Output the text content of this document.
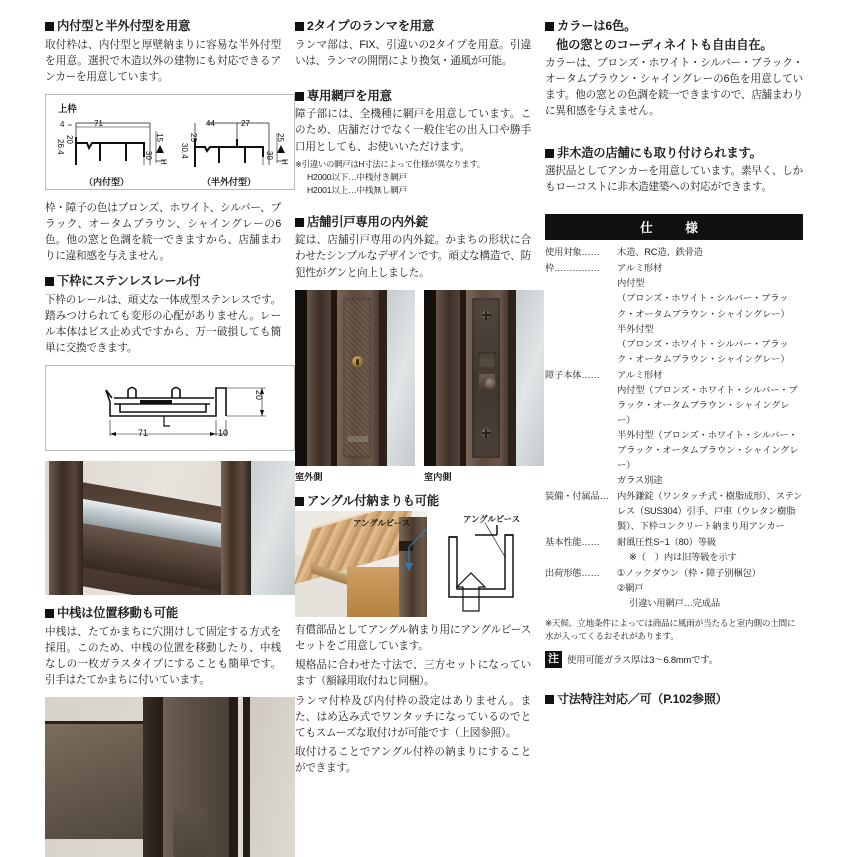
内付型と半外付型を用意

取付枠は、内付型と厚壁納まりに容易な半外付型を用意。選択で木造以外の建物にも対応できるアンカーを用意しています。

上枠
4	71
26.4 20	15
30
H
（内付型）
44	27
30.4
25	25
30
H
（半外付型）

枠・障子の色はブロンズ、ホワイト、シルバー、ブラック、オータムブラウン、シャイングレーの6色。他の窓と色調を統一できますから、店舗まわりに違和感を与えません。

下枠にステンレスレール付

下枠のレールは、頑丈な一体成型ステンレスです。踏みつけられても変形の心配がありません。レール本体はビス止め式ですから、万一破損しても簡単に交換できます。

71	10
20
中桟は位置移動も可能

中桟は、たてかまちに穴開けして固定する方式を採用。このため、中桟の位置を移動したり、中桟なしの一枚ガラスタイプにすることも簡単です。引手はたてかまちに付いています。

2タイプのランマを用意

ランマ部は、FIX、引違いの2タイプを用意。引違いは、ランマの開閉により換気・通風が可能。

専用網戸を用意

障子部には、全機種に網戸を用意しています。このため、店舗だけでなく一般住宅の出入口や勝手口用としても、お使いいただけます。

※引違いの網戸はH寸法によって仕様が異なります。

H2000以下…中桟付き網戸

H2001以上…中桟無し網戸

店舗引戸専用の内外錠

錠は、店舗引戸専用の内外錠。かまちの形状に合わせたシンプルなデザインです。頑丈な構造で、防犯性がグンと向上しました。

室外側	室内側
アングル付納まりも可能
アングルピース	アングルピース

有償部品としてアングル納まり用にアングルピースセットをご用意しています。

規格品に合わせた寸法で、三方セットになっています（額縁用取付ねじ同梱）。

ランマ付枠及び内付枠の設定はありません。また、はめ込み式でワンタッチになっているのでとてもスムーズな取付けが可能です（上図参照）。

取付けることでアングル付枠の納まりにすることができます。

カラーは6色。
他の窓とのコーディネイトも自由自在。

カラーは、ブロンズ・ホワイト・シルバー・ブラック・オータムブラウン・シャイングレーの6色を用意しています。他の窓との色調を統一できますので、店舗まわりに異和感を与えません。

非木造の店舗にも取り付けられます。

選択品としてアンカーを用意しています。素早く、しかもローコストに非木造建築への対応ができます。

仕　様
使用対象……	木造、RC造、鉄骨造
枠……………	アルミ形材
内付型
（ブロンズ・ホワイト・シルバー・ブラック・オータムブラウン・シャイングレー）
半外付型
（ブロンズ・ホワイト・シルバー・ブラック・オータムブラウン・シャイングレー）
障子本体……	アルミ形材
内付型（ブロンズ・ホワイト・シルバー・ブラック・オータムブラウン・シャイングレー）
半外付型（ブロンズ・ホワイト・シルバー・ブラック・オータムブラウン・シャイングレー）
ガラス別途
装備・付属品…	内外鎌錠（ワンタッチ式・樹脂成形）、ステンレス（SUS304）引手、戸車（ウレタン樹脂製）、下枠コンクリート納まり用アンカー
基本性能……	耐風圧性S−1（80）等級

※（　）内は旧等級を示す

出荷形態……	①ノックダウン（枠・障子別梱包）
②網戸

引違い用網戸…完成品
※天候、立地条件によっては商品に風雨が当たると室内側の土間に水が入ってくるおそれがあります。
注 使用可能ガラス厚は3〜6.8mmです。
寸法特注対応／可（P.102参照）
